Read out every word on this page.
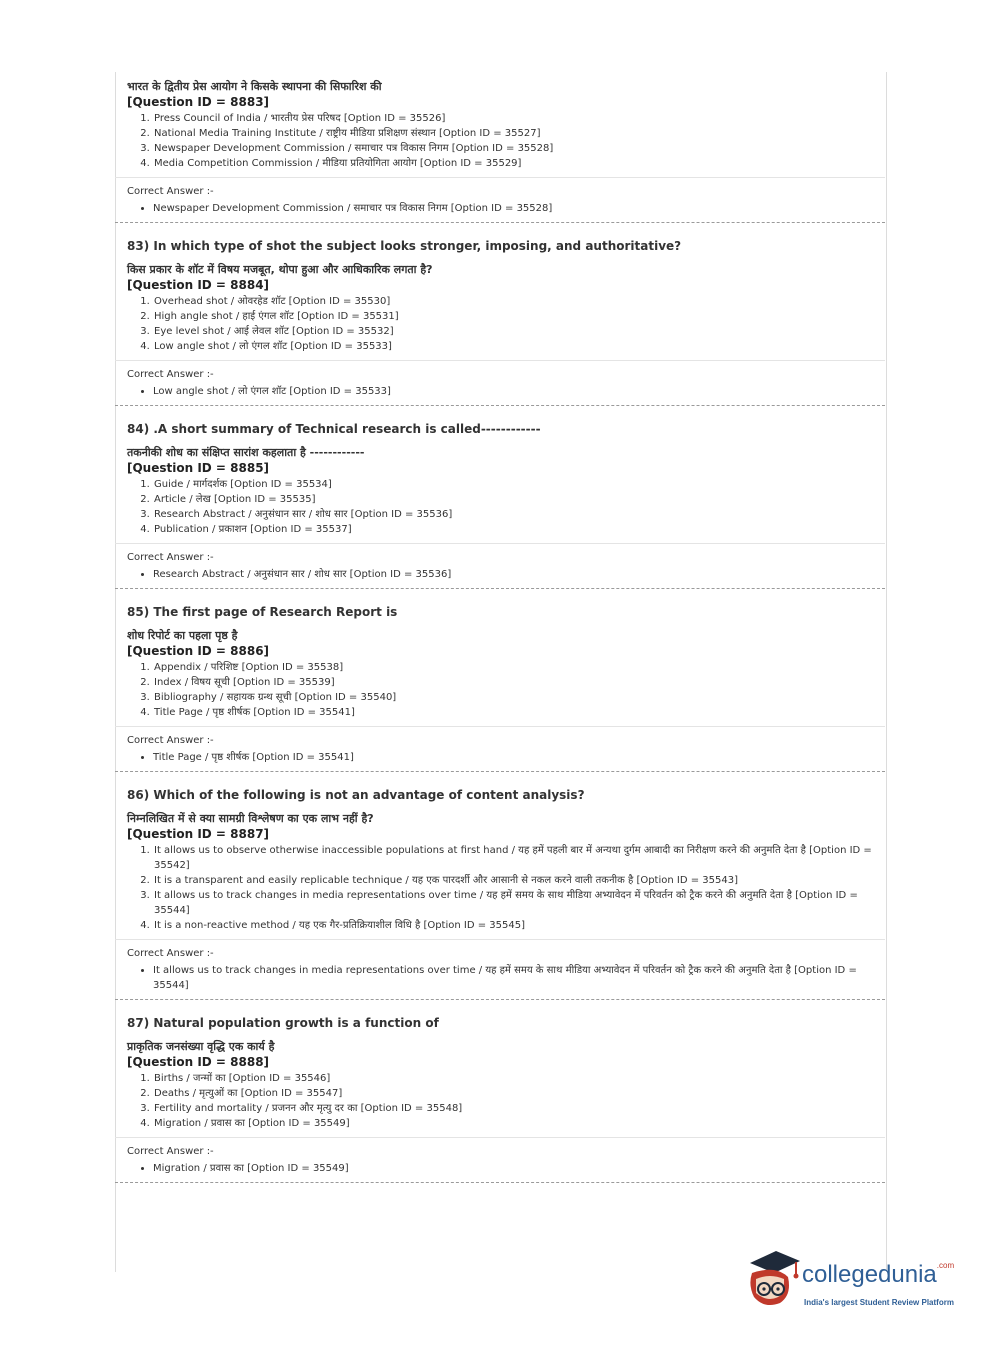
भारत के द्वितीय प्रेस आयोग ने किसके स्थापना की सिफारिश की
[Question ID = 8883]
1. Press Council of India / भारतीय प्रेस परिषद [Option ID = 35526]
2. National Media Training Institute / राष्ट्रीय मीडिया प्रशिक्षण संस्थान [Option ID = 35527]
3. Newspaper Development Commission / समाचार पत्र विकास निगम [Option ID = 35528]
4. Media Competition Commission / मीडिया प्रतियोगिता आयोग [Option ID = 35529]
Correct Answer :-
• Newspaper Development Commission / समाचार पत्र विकास निगम [Option ID = 35528]
83) In which type of shot the subject looks stronger, imposing, and authoritative?
किस प्रकार के शॉट में विषय मजबूत, थोपा हुआ और आधिकारिक लगता है?
[Question ID = 8884]
1. Overhead shot / ओवरहेड शॉट [Option ID = 35530]
2. High angle shot / हाई एंगल शॉट [Option ID = 35531]
3. Eye level shot / आई लेवल शॉट [Option ID = 35532]
4. Low angle shot / लो एंगल शॉट [Option ID = 35533]
Correct Answer :-
• Low angle shot / लो एंगल शॉट [Option ID = 35533]
84) .A short summary of Technical research is called------------
तकनीकी शोध का संक्षिप्त सारांश कहलाता है ------------
[Question ID = 8885]
1. Guide / मार्गदर्शक [Option ID = 35534]
2. Article / लेख [Option ID = 35535]
3. Research Abstract / अनुसंधान सार / शोध सार [Option ID = 35536]
4. Publication / प्रकाशन [Option ID = 35537]
Correct Answer :-
• Research Abstract / अनुसंधान सार / शोध सार [Option ID = 35536]
85) The first page of Research Report is
शोध रिपोर्ट का पहला पृष्ठ है
[Question ID = 8886]
1. Appendix / परिशिष्ट [Option ID = 35538]
2. Index / विषय सूची [Option ID = 35539]
3. Bibliography / सहायक ग्रन्थ सूची [Option ID = 35540]
4. Title Page / पृष्ठ शीर्षक [Option ID = 35541]
Correct Answer :-
• Title Page / पृष्ठ शीर्षक [Option ID = 35541]
86) Which of the following is not an advantage of content analysis?
निम्नलिखित में से क्या सामग्री विश्लेषण का एक लाभ नहीं है?
[Question ID = 8887]
1. It allows us to observe otherwise inaccessible populations at first hand / यह हमें पहली बार में अन्यथा दुर्गम आबादी का निरीक्षण करने की अनुमति देता है [Option ID = 35542]
2. It is a transparent and easily replicable technique / यह एक पारदर्शी और आसानी से नकल करने वाली तकनीक है [Option ID = 35543]
3. It allows us to track changes in media representations over time / यह हमें समय के साथ मीडिया अभ्यावेदन में परिवर्तन को ट्रैक करने की अनुमति देता है [Option ID = 35544]
4. It is a non-reactive method / यह एक गैर-प्रतिक्रियाशील विधि है [Option ID = 35545]
Correct Answer :-
• It allows us to track changes in media representations over time / यह हमें समय के साथ मीडिया अभ्यावेदन में परिवर्तन को ट्रैक करने की अनुमति देता है [Option ID = 35544]
87) Natural population growth is a function of
प्राकृतिक जनसंख्या वृद्धि एक कार्य है
[Question ID = 8888]
1. Births / जन्मों का [Option ID = 35546]
2. Deaths / मृत्युओं का [Option ID = 35547]
3. Fertility and mortality / प्रजनन और मृत्यु दर का [Option ID = 35548]
4. Migration / प्रवास का [Option ID = 35549]
Correct Answer :-
• Migration / प्रवास का [Option ID = 35549]
collegedunia$^{.com}$
India's largest Student Review Platform
